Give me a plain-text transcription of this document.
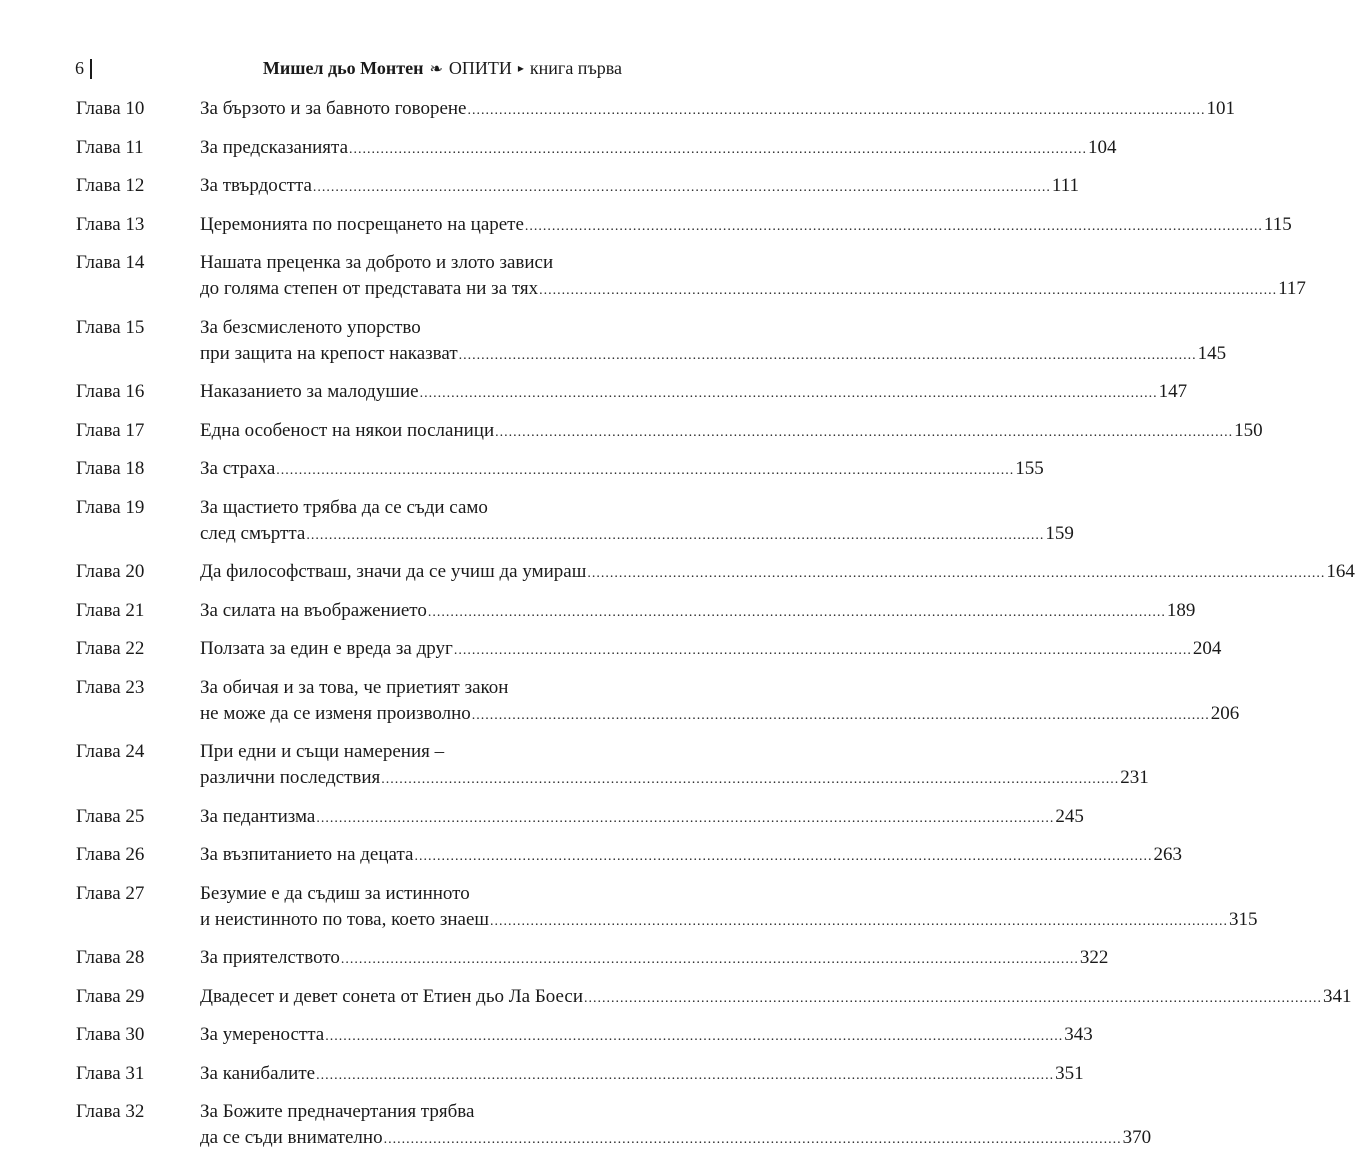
6	Мишел дьо Монтен ❧ ОПИТИ ▸ книга първа
Глава 10	За бързото и за бавното говорене .....	101
Глава 11	За предсказанията .....	104
Глава 12	За твърдостта .....	111
Глава 13	Церемонията по посрещането на царете .....	115
Глава 14	Нашата преценка за доброто и злото зависи
до голяма степен от представата ни за тях .....	117
Глава 15	За безсмисленото упорство
при защита на крепост наказват .....	145
Глава 16	Наказанието за малодушие .....	147
Глава 17	Една особеност на някои посланици .....	150
Глава 18	За страха .....	155
Глава 19	За щастието трябва да се съди само
след смъртта .....	159
Глава 20	Да философстваш, значи да се учиш да умираш .....	164
Глава 21	За силата на въображението .....	189
Глава 22	Ползата за един е вреда за друг .....	204
Глава 23	За обичая и за това, че приетият закон
не може да се изменя произволно .....	206
Глава 24	При едни и същи намерения –
различни последствия .....	231
Глава 25	За педантизма .....	245
Глава 26	За възпитанието на децата .....	263
Глава 27	Безумие е да съдиш за истинното
и неистинното по това, което знаеш .....	315
Глава 28	За приятелството .....	322
Глава 29	Двадесет и девет сонета от Етиен дьо Ла Боеси .....	341
Глава 30	За умереността .....	343
Глава 31	За канибалите .....	351
Глава 32	За Божите предначертания трябва
да се съди внимателно .....	370
